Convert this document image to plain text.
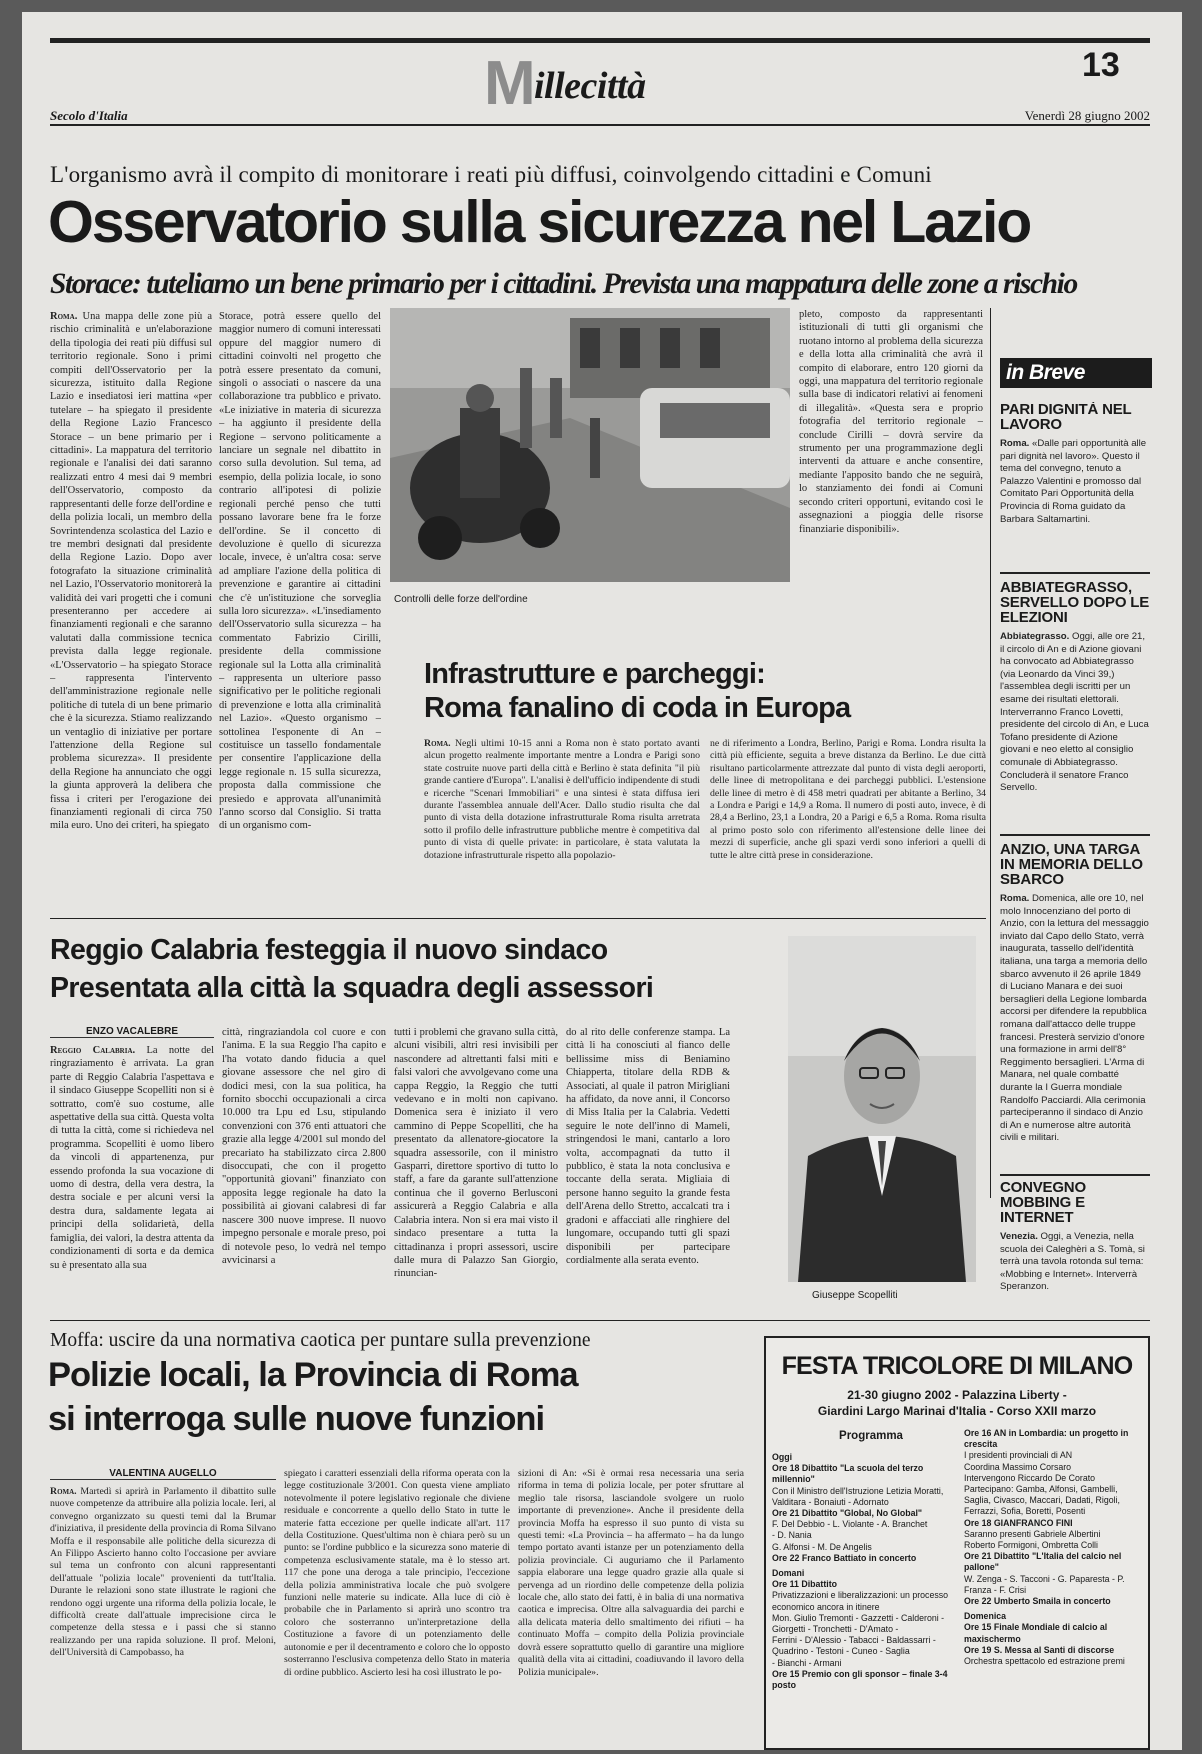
M illecittà	13
Secolo d'Italia	Venerdì 28 giugno 2002
L'organismo avrà il compito di monitorare i reati più diffusi, coinvolgendo cittadini e Comuni
Osservatorio sulla sicurezza nel Lazio
Storace: tuteliamo un bene primario per i cittadini. Prevista una mappatura delle zone a rischio
Roma. Una mappa delle zone più a rischio criminalità e un'elaborazione della tipologia dei reati più diffusi sul territorio regionale. Sono i primi compiti dell'Osservatorio per la sicurezza, istituito dalla Regione Lazio e insediatosi ieri mattina «per tutelare – ha spiegato il presidente della Regione Lazio Francesco Storace – un bene primario per i cittadini». La mappatura del territorio regionale e l'analisi dei dati saranno realizzati entro 4 mesi dai 9 membri dell'Osservatorio, composto da rappresentanti delle forze dell'ordine e della polizia locali, un membro della Sovrintendenza scolastica del Lazio e tre membri designati dal presidente della Regione Lazio. Dopo aver fotografato la situazione criminalità nel Lazio, l'Osservatorio monitorerà la validità dei vari progetti che i comuni presenteranno per accedere ai finanziamenti regionali e che saranno valutati dalla commissione tecnica prevista dalla legge regionale. «L'Osservatorio – ha spiegato Storace – rappresenta l'intervento dell'amministrazione regionale nelle politiche di tutela di un bene primario che è la sicurezza. Stiamo realizzando un ventaglio di iniziative per portare l'attenzione della Regione sul problema sicurezza». Il presidente della Regione ha annunciato che oggi la giunta approverà la delibera che fissa i criteri per l'erogazione dei finanziamenti regionali di circa 750 mila euro. Uno dei criteri, ha spiegato
Storace, potrà essere quello del maggior numero di comuni interessati oppure del maggior numero di cittadini coinvolti nel progetto che potrà essere presentato da comuni, singoli o associati o nascere da una collaborazione tra pubblico e privato. «Le iniziative in materia di sicurezza – ha aggiunto il presidente della Regione – servono politicamente a lanciare un segnale nel dibattito in corso sulla devolution. Sul tema, ad esempio, della polizia locale, io sono contrario all'ipotesi di polizie regionali perché penso che tutti possano lavorare bene fra le forze dell'ordine. Se il concetto di devoluzione è quello di sicurezza locale, invece, è un'altra cosa: serve ad ampliare l'azione della politica di prevenzione e garantire ai cittadini che c'è un'istituzione che sorveglia sulla loro sicurezza». «L'insediamento dell'Osservatorio sulla sicurezza – ha commentato Fabrizio Cirilli, presidente della commissione regionale sul la Lotta alla criminalità – rappresenta un ulteriore passo significativo per le politiche regionali di prevenzione e lotta alla criminalità nel Lazio». «Questo organismo – sottolinea l'esponente di An – costituisce un tassello fondamentale per consentire l'applicazione della legge regionale n. 15 sulla sicurezza, proposta dalla commissione che presiedo e approvata all'unanimità l'anno scorso dal Consiglio. Si tratta di un organismo com-
Controlli delle forze dell'ordine
pleto, composto da rappresentanti istituzionali di tutti gli organismi che ruotano intorno al problema della sicurezza e della lotta alla criminalità che avrà il compito di elaborare, entro 120 giorni da oggi, una mappatura del territorio regionale sulla base di indicatori relativi ai fenomeni di illegalità». «Questa sera e proprio fotografia del territorio regionale – conclude Cirilli – dovrà servire da strumento per una programmazione degli interventi da attuare e anche consentire, mediante l'apposito bando che ne seguirà, lo stanziamento dei fondi ai Comuni secondo criteri opportuni, evitando così le assegnazioni a pioggia delle risorse finanziarie disponibili».
Infrastrutture e parcheggi:
Roma fanalino di coda in Europa
Roma. Negli ultimi 10-15 anni a Roma non è stato portato avanti alcun progetto realmente importante mentre a Londra e Parigi sono state costruite nuove parti della città e Berlino è stata definita "il più grande cantiere d'Europa". L'analisi è dell'ufficio indipendente di studi e ricerche "Scenari Immobiliari" e una sintesi è stata diffusa ieri durante l'assemblea annuale dell'Acer. Dallo studio risulta che dal punto di vista della dotazione infrastrutturale Roma risulta arretrata sotto il profilo delle infrastrutture pubbliche mentre è competitiva dal punto di vista di quelle private: in particolare, è stata valutata la dotazione infrastrutturale rispetto alla popolazio-
ne di riferimento a Londra, Berlino, Parigi e Roma. Londra risulta la città più efficiente, seguita a breve distanza da Berlino. Le due città risultano particolarmente attrezzate dal punto di vista degli aeroporti, delle linee di metropolitana e dei parcheggi pubblici. L'estensione delle linee di metro è di 458 metri quadrati per abitante a Berlino, 34 a Londra e Parigi e 14,9 a Roma. Il numero di posti auto, invece, è di 28,4 a Berlino, 23,1 a Londra, 20 a Parigi e 6,5 a Roma. Roma risulta al primo posto solo con riferimento all'estensione delle linee dei mezzi di superficie, anche gli spazi verdi sono inferiori a quelli di tutte le altre città prese in considerazione.
in Breve
PARI DIGNITÀ NEL LAVORO
Roma. «Dalle pari opportunità alle pari dignità nel lavoro». Questo il tema del convegno, tenuto a Palazzo Valentini e promosso dal Comitato Pari Opportunità della Provincia di Roma guidato da Barbara Saltamartini.
ABBIATEGRASSO, SERVELLO DOPO LE ELEZIONI
Abbiategrasso. Oggi, alle ore 21, il circolo di An e di Azione giovani ha convocato ad Abbiategrasso (via Leonardo da Vinci 39,) l'assemblea degli iscritti per un esame dei risultati elettorali. Interverranno Franco Lovetti, presidente del circolo di An, e Luca Tofano presidente di Azione giovani e neo eletto al consiglio comunale di Abbiategrasso. Concluderà il senatore Franco Servello.
ANZIO, UNA TARGA IN MEMORIA DELLO SBARCO
Roma. Domenica, alle ore 10, nel molo Innocenziano del porto di Anzio, con la lettura del messaggio inviato dal Capo dello Stato, verrà inaugurata, tassello dell'identità italiana, una targa a memoria dello sbarco avvenuto il 26 aprile 1849 di Luciano Manara e dei suoi bersaglieri della Legione lombarda accorsi per difendere la repubblica romana dall'attacco delle truppe francesi. Presterà servizio d'onore una formazione in armi dell'8° Reggimento bersaglieri. L'Arma di Manara, nel quale combatté durante la I Guerra mondiale Randolfo Pacciardi. Alla cerimonia parteciperanno il sindaco di Anzio di An e numerose altre autorità civili e militari.
CONVEGNO MOBBING E INTERNET
Venezia. Oggi, a Venezia, nella scuola dei Caleghèri a S. Tomà, si terrà una tavola rotonda sul tema: «Mobbing e Internet». Interverrà Speranzon.
Reggio Calabria festeggia il nuovo sindaco
Presentata alla città la squadra degli assessori
ENZO VACALEBRE
Reggio Calabria. La notte del ringraziamento è arrivata. La gran parte di Reggio Calabria l'aspettava e il sindaco Giuseppe Scopelliti non si è sottratto, com'è suo costume, alle aspettative della sua città. Questa volta di tutta la città, come si richiedeva nel programma. Scopelliti è uomo libero da vincoli di appartenenza, pur essendo profonda la sua vocazione di uomo di destra, della vera destra, la destra sociale e per alcuni versi la destra dura, saldamente legata ai principi della solidarietà, della famiglia, dei valori, la destra attenta da condizionamenti di sorta e da demica su è presentato alla sua
città, ringraziandola col cuore e con l'anima. E la sua Reggio l'ha capito e l'ha votato dando fiducia a quel giovane assessore che nel giro di dodici mesi, con la sua politica, ha fornito sbocchi occupazionali a circa 10.000 tra Lpu ed Lsu, stipulando convenzioni con 376 enti attuatori che grazie alla legge 4/2001 sul mondo del precariato ha stabilizzato circa 2.800 disoccupati, che con il progetto "opportunità giovani" finanziato con apposita legge regionale ha dato la possibilità ai giovani calabresi di far nascere 300 nuove imprese. Il nuovo impegno personale e morale preso, poi di notevole peso, lo vedrà nel tempo avvicinarsi a
tutti i problemi che gravano sulla città, alcuni visibili, altri resi invisibili per nascondere ad altrettanti falsi miti e falsi valori che avvolgevano come una cappa Reggio, la Reggio che tutti vedevano e in molti non capivano. Domenica sera è iniziato il vero cammino di Peppe Scopelliti, che ha presentato da allenatore-giocatore la squadra assessorile, con il ministro Gasparri, direttore sportivo di tutto lo staff, a fare da garante sull'attenzione continua che il governo Berlusconi assicurerà a Reggio Calabria e alla Calabria intera. Non si era mai visto il sindaco presentare a tutta la cittadinanza i propri assessori, uscire dalle mura di Palazzo San Giorgio, rinuncian-
do al rito delle conferenze stampa. La città li ha conosciuti al fianco delle bellissime miss di Beniamino Chiapperta, titolare della RDB & Associati, al quale il patron Mirigliani ha affidato, da nove anni, il Concorso di Miss Italia per la Calabria. Vedetti seguire le note dell'inno di Mameli, stringendosi le mani, cantarlo a loro volta, accompagnati da tutto il pubblico, è stata la nota conclusiva e toccante della serata. Migliaia di persone hanno seguito la grande festa dell'Arena dello Stretto, accalcati tra i gradoni e affacciati alle ringhiere del lungomare, occupando tutti gli spazi disponibili per partecipare cordialmente alla serata evento.
Giuseppe Scopelliti
Moffa: uscire da una normativa caotica per puntare sulla prevenzione
Polizie locali, la Provincia di Roma
si interroga sulle nuove funzioni
VALENTINA AUGELLO
Roma. Martedì si aprirà in Parlamento il dibattito sulle nuove competenze da attribuire alla polizia locale. Ieri, al convegno organizzato su questi temi dal la Brumar d'iniziativa, il presidente della provincia di Roma Silvano Moffa e il responsabile alle politiche della sicurezza di An Filippo Ascierto hanno colto l'occasione per avviare sul tema un confronto con alcuni rappresentanti dell'attuale "polizia locale" provenienti da tutt'Italia. Durante le relazioni sono state illustrate le ragioni che rendono oggi urgente una riforma della polizia locale, le difficoltà create dall'attuale imprecisione circa le competenze della stessa e i passi che si stanno realizzando per una rapida soluzione. Il prof. Meloni, dell'Università di Campobasso, ha
spiegato i caratteri essenziali della riforma operata con la legge costituzionale 3/2001. Con questa viene ampliato notevolmente il potere legislativo regionale che diviene residuale e concorrente a quello dello Stato in tutte le materie fatta eccezione per quelle indicate all'art. 117 della Costituzione. Quest'ultima non è chiara però su un punto: se l'ordine pubblico e la sicurezza sono materie di competenza esclusivamente statale, ma è lo stesso art. 117 che pone una deroga a tale principio, l'eccezione della polizia amministrativa locale che può svolgere funzioni nelle materie su indicate. Alla luce di ciò è probabile che in Parlamento si aprirà uno scontro tra coloro che sosterranno un'interpretazione della Costituzione a favore di un potenziamento delle autonomie e per il decentramento e coloro che lo opposto sosterranno l'esclusiva competenza dello Stato in materia di ordine pubblico. Ascierto lesi ha così illustrato le po-
sizioni di An: «Si è ormai resa necessaria una seria riforma in tema di polizia locale, per poter sfruttare al meglio tale risorsa, lasciandole svolgere un ruolo importante di prevenzione». Anche il presidente della provincia Moffa ha espresso il suo punto di vista su questi temi: «La Provincia – ha affermato – ha da lungo tempo portato avanti istanze per un potenziamento della polizia provinciale. Ci auguriamo che il Parlamento sappia elaborare una legge quadro grazie alla quale si pervenga ad un riordino delle competenze della polizia locale che, allo stato dei fatti, è in balia di una normativa caotica e imprecisa. Oltre alla salvaguardia dei parchi e alla delicata materia dello smaltimento dei rifiuti – ha continuato Moffa – compito della Polizia provinciale dovrà essere soprattutto quello di garantire una migliore qualità della vita ai cittadini, coadiuvando il lavoro della Polizia municipale».
FESTA TRICOLORE DI MILANO
21-30 giugno 2002 - Palazzina Liberty -
Giardini Largo Marinai d'Italia - Corso XXII marzo
Programma
Oggi
Ore 18 Dibattito "La scuola del terzo millennio"
Con il Ministro dell'Istruzione Letizia Moratti,
Valditara - Bonaiuti - Adornato
Ore 21 Dibattito "Global, No Global"
F. Del Debbio - L. Violante - A. Branchet
- D. Nania
G. Alfonsi - M. De Angelis
Ore 22 Franco Battiato in concerto
Domani
Ore 11 Dibattito
Privatizzazioni e liberalizzazioni: un processo economico ancora in itinere
Mon. Giulio Tremonti - Gazzetti - Calderoni - Giorgetti - Tronchetti - D'Amato -
Ferrini - D'Alessio - Tabacci - Baldassarri - Quadrino - Testoni - Cuneo - Saglia
- Bianchi - Armani
Ore 15 Premio con gli sponsor – finale 3-4 posto
Ore 16 AN in Lombardia: un progetto in crescita
I presidenti provinciali di AN
Coordina Massimo Corsaro
Intervengono Riccardo De Corato
Partecipano: Gamba, Alfonsi, Gambelli, Saglia, Civasco, Maccari, Dadati, Rigoli,
Ferrazzi, Sofia, Boretti, Posenti
Ore 18 GIANFRANCO FINI
Saranno presenti Gabriele Albertini
Roberto Formigoni, Ombretta Colli
Ore 21 Dibattito "L'Italia del calcio nel pallone"
W. Zenga - S. Tacconi - G. Paparesta - P. Franza - F. Crisi
Ore 22 Umberto Smaila in concerto
Domenica
Ore 15 Finale Mondiale di calcio al maxischermo
Ore 19 S. Messa al Santi di discorse
Orchestra spettacolo ed estrazione premi
